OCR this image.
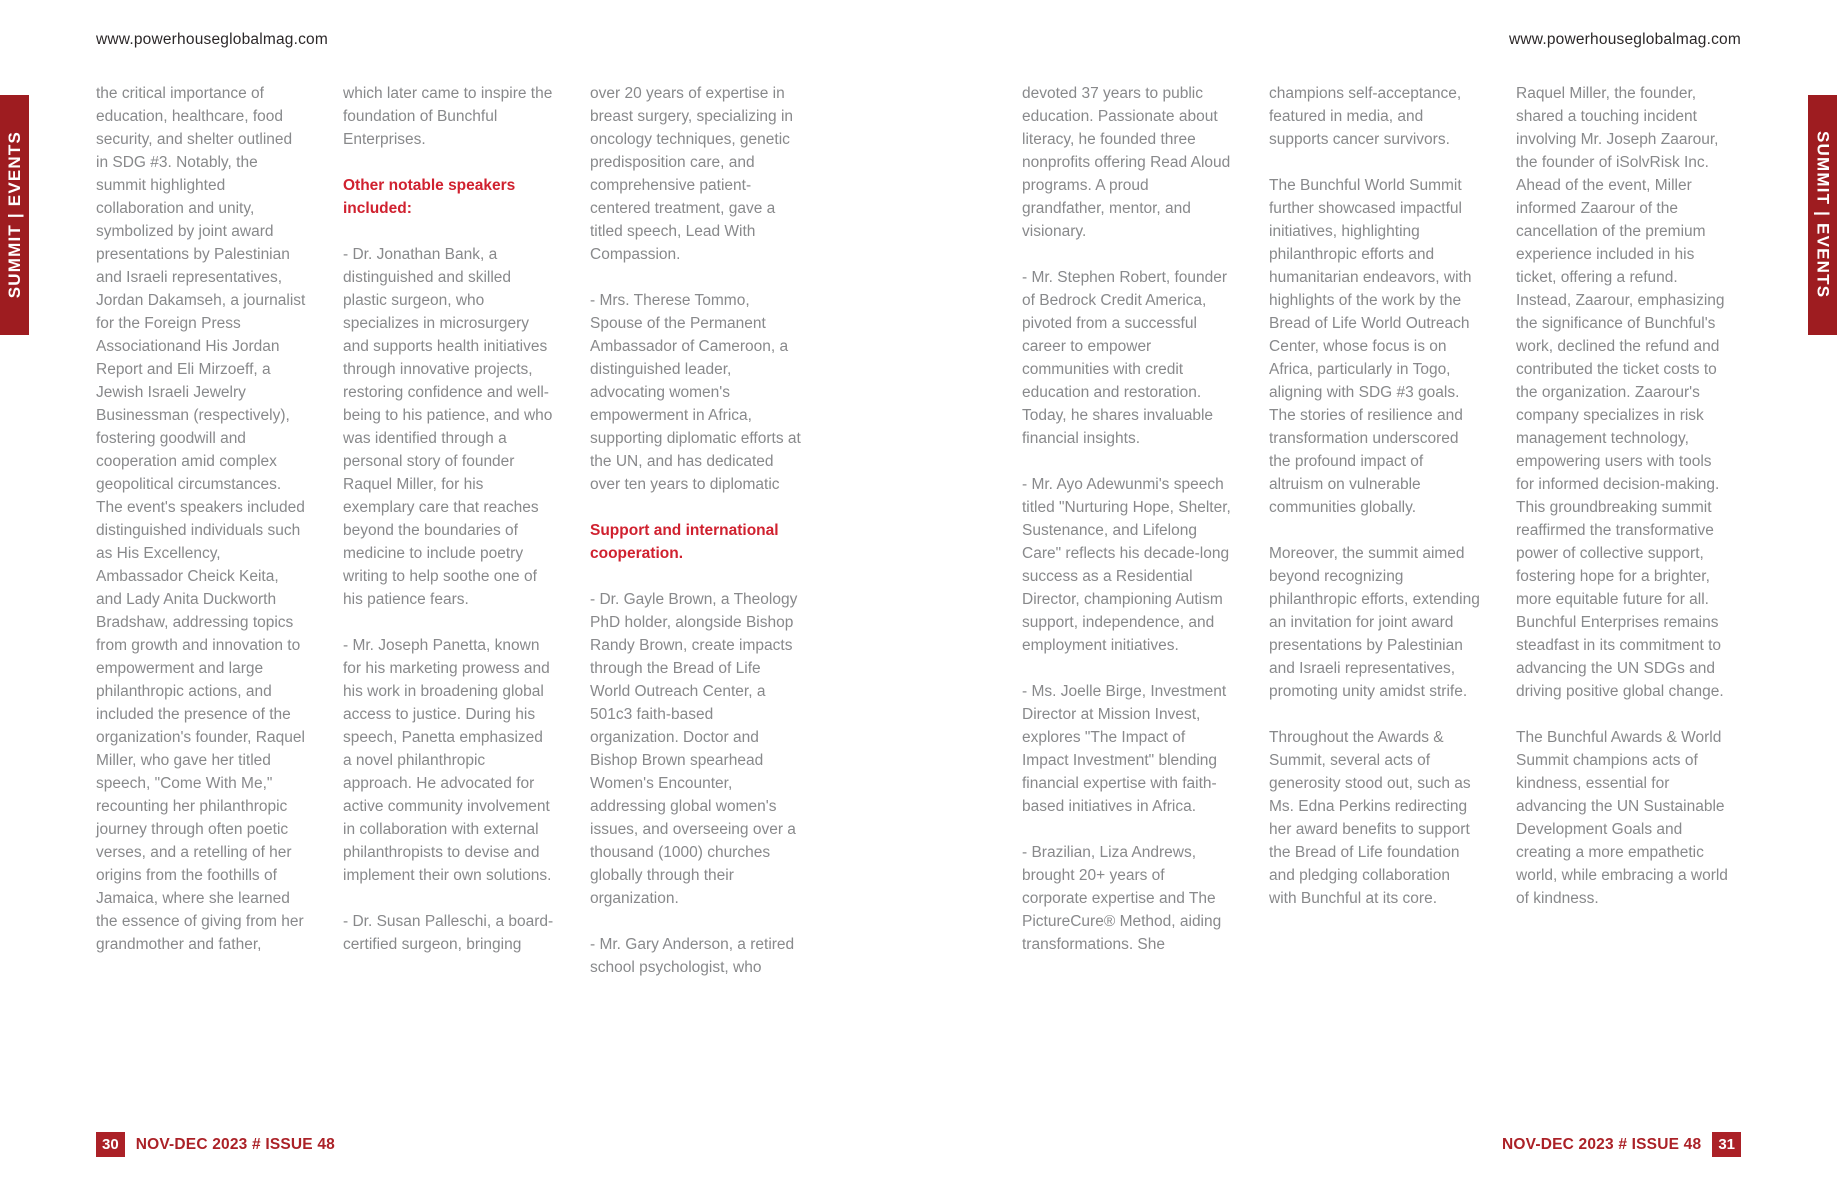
www.powerhouseglobalmag.com
SUMMIT | EVENTS

the critical importance of education, healthcare, food security, and shelter outlined in SDG #3. Notably, the summit highlighted collaboration and unity, symbolized by joint award presentations by Palestinian and Israeli representatives, Jordan Dakamseh, a journalist for the Foreign Press Associationand His Jordan Report and Eli Mirzoeff, a Jewish Israeli Jewelry Businessman (respectively), fostering goodwill and cooperation amid complex geopolitical circumstances. The event's speakers included distinguished individuals such as His Excellency, Ambassador Cheick Keita, and Lady Anita Duckworth Bradshaw, addressing topics from growth and innovation to empowerment and large philanthropic actions, and included the presence of the organization's founder, Raquel Miller, who gave her titled speech, "Come With Me," recounting her philanthropic journey through often poetic verses, and a retelling of her origins from the foothills of Jamaica, where she learned the essence of giving from her grandmother and father,

which later came to inspire the foundation of Bunchful Enterprises.

Other notable speakers included:

- Dr. Jonathan Bank, a distinguished and skilled plastic surgeon, who specializes in microsurgery and supports health initiatives through innovative projects, restoring confidence and well-being to his patience, and who was identified through a personal story of founder Raquel Miller, for his exemplary care that reaches beyond the boundaries of medicine to include poetry writing to help soothe one of his patience fears.

- Mr. Joseph Panetta, known for his marketing prowess and his work in broadening global access to justice. During his speech, Panetta emphasized a novel philanthropic approach. He advocated for active community involvement in collaboration with external philanthropists to devise and implement their own solutions.

- Dr. Susan Palleschi, a board-certified surgeon, bringing

over 20 years of expertise in breast surgery, specializing in oncology techniques, genetic predisposition care, and comprehensive patient-centered treatment, gave a titled speech, Lead With Compassion.

- Mrs. Therese Tommo, Spouse of the Permanent Ambassador of Cameroon, a distinguished leader, advocating women's empowerment in Africa, supporting diplomatic efforts at the UN, and has dedicated over ten years to diplomatic

Support and international cooperation.

- Dr. Gayle Brown, a Theology PhD holder, alongside Bishop Randy Brown, create impacts through the Bread of Life World Outreach Center, a 501c3 faith-based organization. Doctor and Bishop Brown spearhead Women's Encounter, addressing global women's issues, and overseeing over a thousand (1000) churches globally through their organization.

- Mr. Gary Anderson, a retired school psychologist, who

30	NOV-DEC 2023 # ISSUE 48
www.powerhouseglobalmag.com
SUMMIT | EVENTS

devoted 37 years to public education. Passionate about literacy, he founded three nonprofits offering Read Aloud programs. A proud grandfather, mentor, and visionary.

- Mr. Stephen Robert, founder of Bedrock Credit America, pivoted from a successful career to empower communities with credit education and restoration. Today, he shares invaluable financial insights.

- Mr. Ayo Adewunmi's speech titled "Nurturing Hope, Shelter, Sustenance, and Lifelong Care" reflects his decade-long success as a Residential Director, championing Autism support, independence, and employment initiatives.

- Ms. Joelle Birge, Investment Director at Mission Invest, explores "The Impact of Impact Investment" blending financial expertise with faith-based initiatives in Africa.

- Brazilian, Liza Andrews, brought 20+ years of corporate expertise and The PictureCure® Method, aiding transformations. She

champions self-acceptance, featured in media, and supports cancer survivors.

The Bunchful World Summit further showcased impactful initiatives, highlighting philanthropic efforts and humanitarian endeavors, with highlights of the work by the Bread of Life World Outreach Center, whose focus is on Africa, particularly in Togo, aligning with SDG #3 goals. The stories of resilience and transformation underscored the profound impact of altruism on vulnerable communities globally.

Moreover, the summit aimed beyond recognizing philanthropic efforts, extending an invitation for joint award presentations by Palestinian and Israeli representatives, promoting unity amidst strife.

Throughout the Awards & Summit, several acts of generosity stood out, such as Ms. Edna Perkins redirecting her award benefits to support the Bread of Life foundation and pledging collaboration with Bunchful at its core.

Raquel Miller, the founder, shared a touching incident involving Mr. Joseph Zaarour, the founder of iSolvRisk Inc. Ahead of the event, Miller informed Zaarour of the cancellation of the premium experience included in his ticket, offering a refund. Instead, Zaarour, emphasizing the significance of Bunchful's work, declined the refund and contributed the ticket costs to the organization. Zaarour's company specializes in risk management technology, empowering users with tools for informed decision-making. This groundbreaking summit reaffirmed the transformative power of collective support, fostering hope for a brighter, more equitable future for all. Bunchful Enterprises remains steadfast in its commitment to advancing the UN SDGs and driving positive global change.

The Bunchful Awards & World Summit champions acts of kindness, essential for advancing the UN Sustainable Development Goals and creating a more empathetic world, while embracing a world of kindness.

NOV-DEC 2023 # ISSUE 48	31
